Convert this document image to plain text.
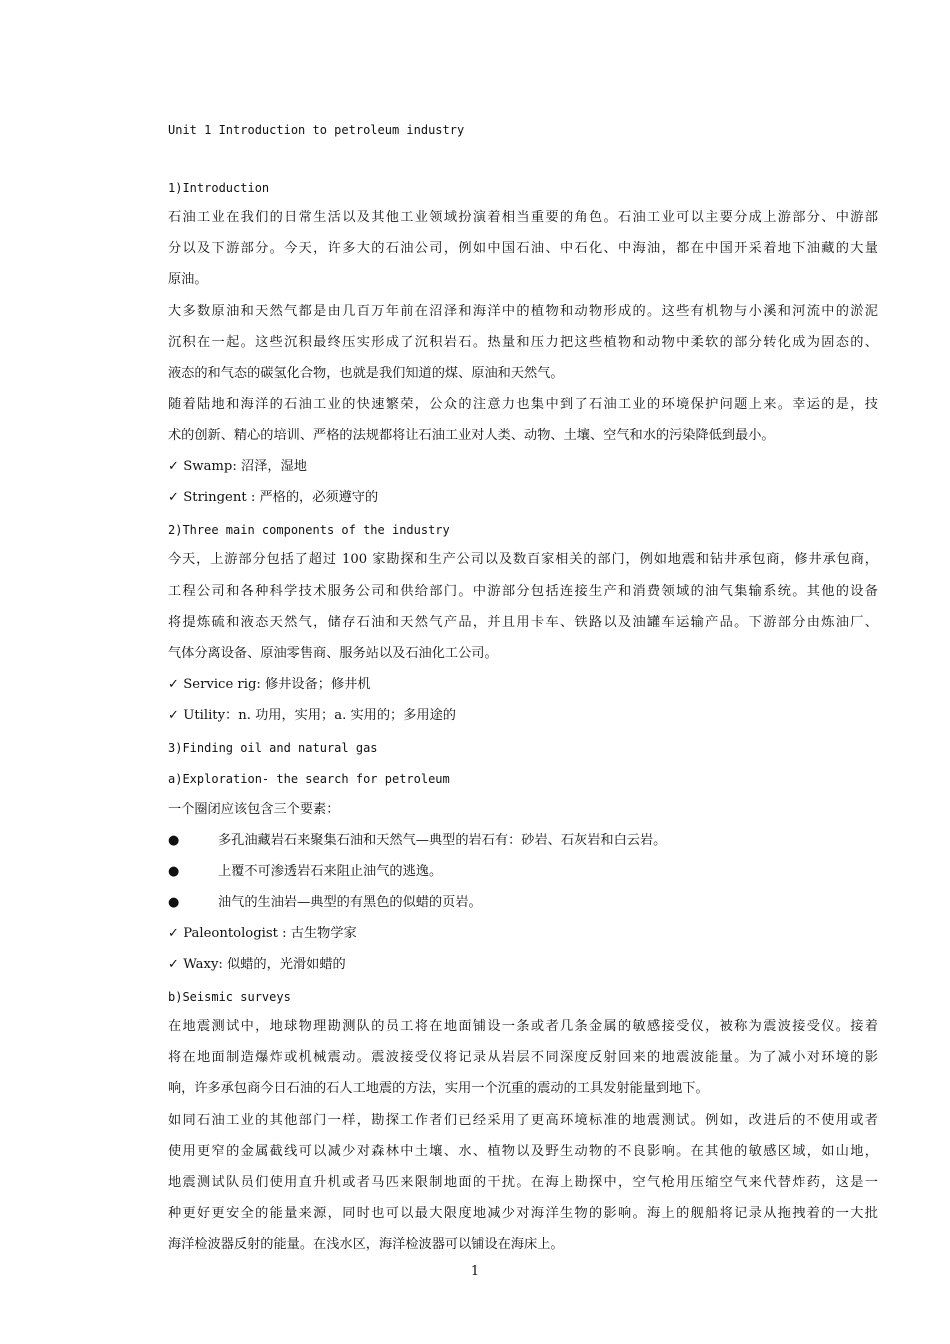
Unit 1 Introduction to petroleum industry
1)Introduction
石油工业在我们的日常生活以及其他工业领域扮演着相当重要的角色。石油工业可以主要分成上游部分、中游部
分以及下游部分。今天，许多大的石油公司，例如中国石油、中石化、中海油，都在中国开采着地下油藏的大量
原油。
大多数原油和天然气都是由几百万年前在沼泽和海洋中的植物和动物形成的。这些有机物与小溪和河流中的淤泥
沉积在一起。这些沉积最终压实形成了沉积岩石。热量和压力把这些植物和动物中柔软的部分转化成为固态的、
液态的和气态的碳氢化合物，也就是我们知道的煤、原油和天然气。
随着陆地和海洋的石油工业的快速繁荣，公众的注意力也集中到了石油工业的环境保护问题上来。幸运的是，技
术的创新、精心的培训、严格的法规都将让石油工业对人类、动物、土壤、空气和水的污染降低到最小。
✓ Swamp: 沼泽，湿地
✓ Stringent : 严格的，必须遵守的
2)Three main components of the industry
今天，上游部分包括了超过 100 家勘探和生产公司以及数百家相关的部门，例如地震和钻井承包商，修井承包商，
工程公司和各种科学技术服务公司和供给部门。中游部分包括连接生产和消费领域的油气集输系统。其他的设备
将提炼硫和液态天然气，储存石油和天然气产品，并且用卡车、铁路以及油罐车运输产品。下游部分由炼油厂、
气体分离设备、原油零售商、服务站以及石油化工公司。
✓ Service rig: 修井设备；修井机
✓ Utility：n. 功用，实用；a. 实用的；多用途的
3)Finding oil and natural gas
a)Exploration- the search for petroleum
一个圈闭应该包含三个要素：
●	多孔油藏岩石来聚集石油和天然气—典型的岩石有：砂岩、石灰岩和白云岩。
●	上覆不可渗透岩石来阻止油气的逃逸。
●	油气的生油岩—典型的有黑色的似蜡的页岩。
✓ Paleontologist : 古生物学家
✓ Waxy: 似蜡的，光滑如蜡的
b)Seismic surveys
在地震测试中，地球物理勘测队的员工将在地面铺设一条或者几条金属的敏感接受仪，被称为震波接受仪。接着
将在地面制造爆炸或机械震动。震波接受仪将记录从岩层不同深度反射回来的地震波能量。为了减小对环境的影
响，许多承包商今日石油的石人工地震的方法，实用一个沉重的震动的工具发射能量到地下。
如同石油工业的其他部门一样，勘探工作者们已经采用了更高环境标准的地震测试。例如，改进后的不使用或者
使用更窄的金属截线可以减少对森林中土壤、水、植物以及野生动物的不良影响。在其他的敏感区域，如山地，
地震测试队员们使用直升机或者马匹来限制地面的干扰。在海上勘探中，空气枪用压缩空气来代替炸药，这是一
种更好更安全的能量来源，同时也可以最大限度地减少对海洋生物的影响。海上的舰船将记录从拖拽着的一大批
海洋检波器反射的能量。在浅水区，海洋检波器可以铺设在海床上。
1
